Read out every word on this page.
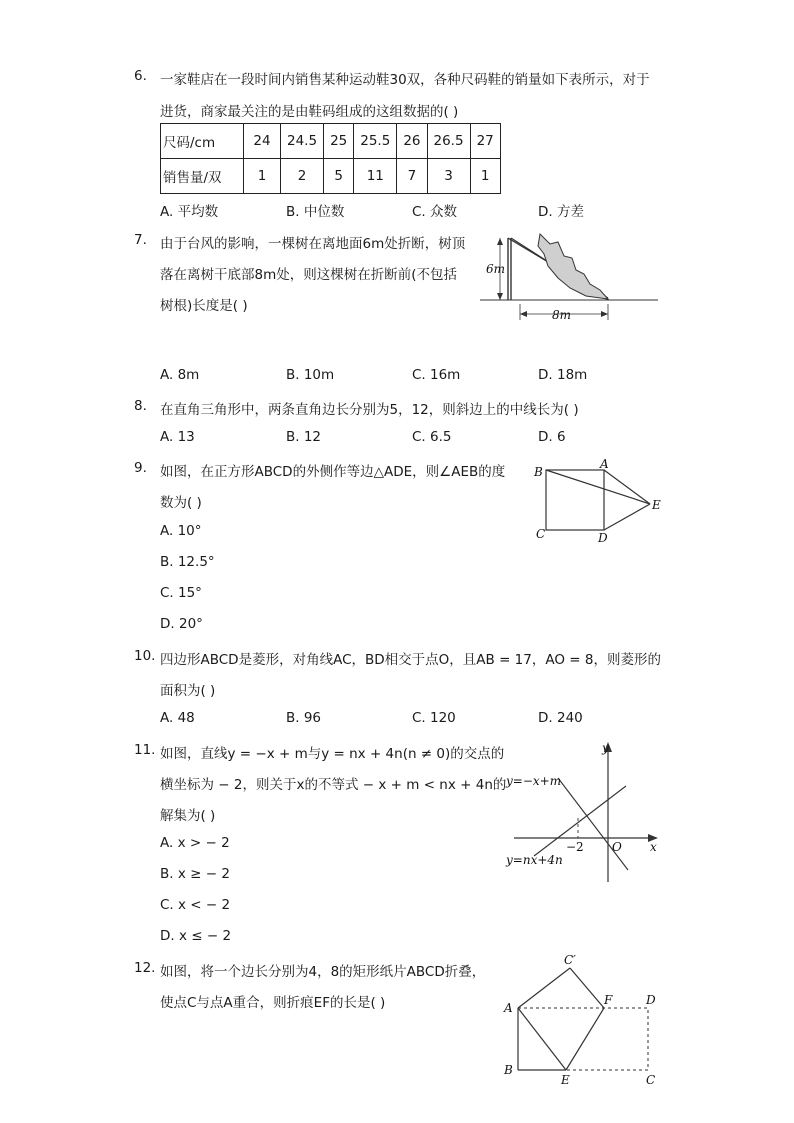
6. 一家鞋店在一段时间内销售某种运动鞋30双，各种尺码鞋的销量如下表所示，对于
进货，商家最关注的是由鞋码组成的这组数据的( )
尺码/cm	24	24.5	25	25.5	26	26.5	27
销售量/双	1	2	5	11	7	3	1
A. 平均数	B. 中位数	C. 众数	D. 方差
7. 由于台风的影响，一棵树在离地面6m处折断，树顶
落在离树干底部8m处，则这棵树在折断前(不包括
树根)长度是( )
6m
8m
A. 8m	B. 10m	C. 16m	D. 18m
8. 在直角三角形中，两条直角边长分别为5，12，则斜边上的中线长为( )
A. 13	B. 12	C. 6.5	D. 6
9. 如图，在正方形ABCD的外侧作等边△ADE，则∠AEB的度
数为( )
A
B
C	D
E
A. 10°
B. 12.5°
C. 15°
D. 20°
10. 四边形ABCD是菱形，对角线AC，BD相交于点O，且AB = 17，AO = 8，则菱形的
面积为( )
A. 48	B. 96	C. 120	D. 240
11. 如图，直线y = −x + m与y = nx + 4n(n ≠ 0)的交点的
横坐标为 − 2，则关于x的不等式 − x + m < nx + 4n的
解集为( )
y
x
O
−2
y=−x+m
y=nx+4n
A. x > − 2
B. x ≥ − 2
C. x < − 2
D. x ≤ − 2
12. 如图，将一个边长分别为4，8的矩形纸片ABCD折叠，
使点C与点A重合，则折痕EF的长是( )
C′
A
F	D
B
E	C
